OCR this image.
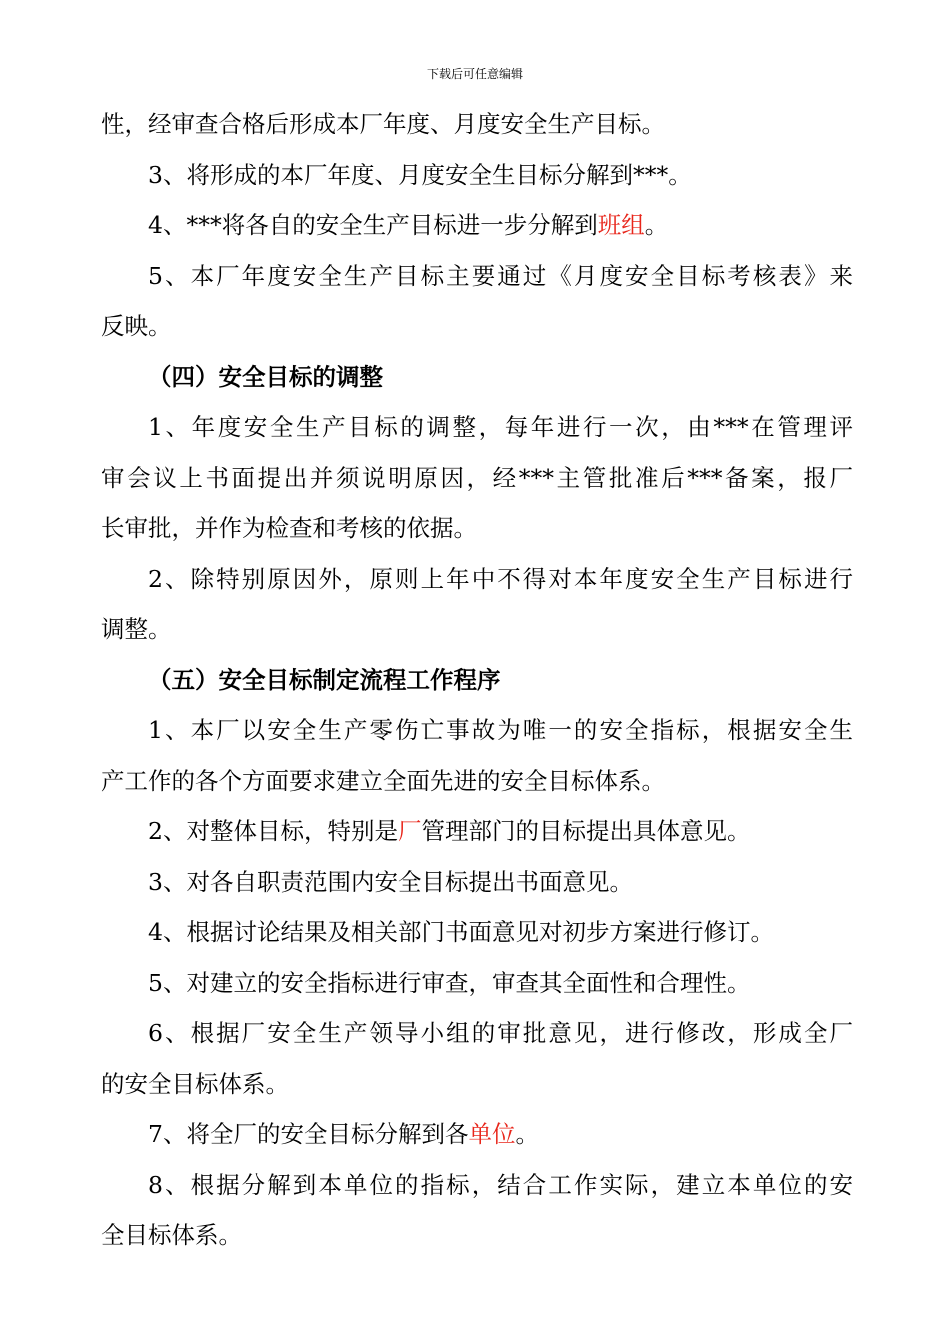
下载后可任意编辑

性，经审查合格后形成本厂年度、月度安全生产目标。

3、将形成的本厂年度、月度安全生目标分解到***。

4、***将各自的安全生产目标进一步分解到班组。

5、本厂年度安全生产目标主要通过《月度安全目标考核表》来

反映。

（四）安全目标的调整

1、年度安全生产目标的调整，每年进行一次，由***在管理评

审会议上书面提出并须说明原因，经***主管批准后***备案，报厂

长审批，并作为检查和考核的依据。

2、除特别原因外，原则上年中不得对本年度安全生产目标进行

调整。

（五）安全目标制定流程工作程序

1、本厂以安全生产零伤亡事故为唯一的安全指标，根据安全生

产工作的各个方面要求建立全面先进的安全目标体系。

2、对整体目标，特别是厂管理部门的目标提出具体意见。

3、对各自职责范围内安全目标提出书面意见。

4、根据讨论结果及相关部门书面意见对初步方案进行修订。

5、对建立的安全指标进行审查，审查其全面性和合理性。

6、根据厂安全生产领导小组的审批意见，进行修改，形成全厂

的安全目标体系。

7、将全厂的安全目标分解到各单位。

8、根据分解到本单位的指标，结合工作实际，建立本单位的安

全目标体系。
